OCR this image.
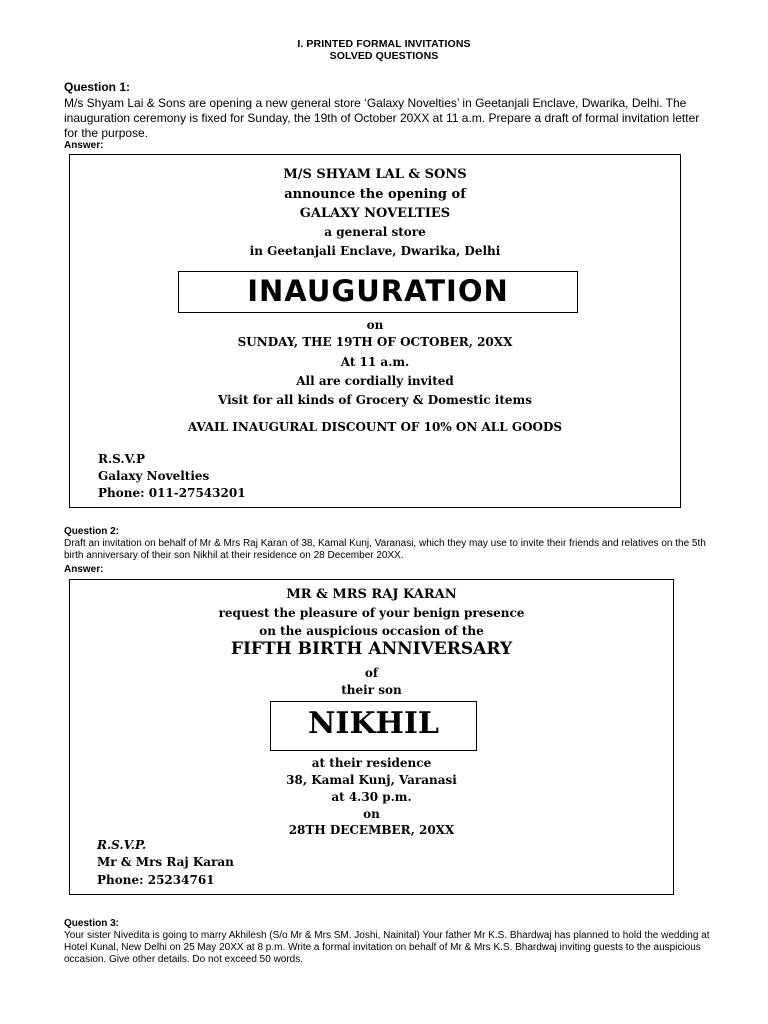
I. PRINTED FORMAL INVITATIONS
SOLVED QUESTIONS
Question 1:
M/s Shyam Lai & Sons are opening a new general store ‘Galaxy Novelties’ in Geetanjali Enclave, Dwarika, Delhi. The inauguration ceremony is fixed for Sunday, the 19th of October 20XX at 11 a.m. Prepare a draft of formal invitation letter for the purpose.
Answer:
M/S SHYAM LAL & SONS
announce the opening of
GALAXY NOVELTIES
a general store
in Geetanjali Enclave, Dwarika, Delhi
INAUGURATION
on
SUNDAY, THE 19TH OF OCTOBER, 20XX
At 11 a.m.
All are cordially invited
Visit for all kinds of Grocery & Domestic items
AVAIL INAUGURAL DISCOUNT OF 10% ON ALL GOODS
R.S.V.P
Galaxy Novelties
Phone: 011-27543201
Question 2:
Draft an invitation on behalf of Mr & Mrs Raj Karan of 38, Kamal Kunj, Varanasi, which they may use to invite their friends and relatives on the 5th birth anniversary of their son Nikhil at their residence on 28 December 20XX.
Answer:
MR & MRS RAJ KARAN
request the pleasure of your benign presence
on the auspicious occasion of the
FIFTH BIRTH ANNIVERSARY
of
their son
NIKHIL
at their residence
38, Kamal Kunj, Varanasi
at 4.30 p.m.
on
28TH DECEMBER, 20XX
R.S.V.P.
Mr & Mrs Raj Karan
Phone: 25234761
Question 3:
Your sister Nivedita is going to marry Akhilesh (S/o Mr & Mrs SM. Joshi, Nainital) Your father Mr K.S. Bhardwaj has planned to hold the wedding at Hotel Kunal, New Delhi on 25 May 20XX at 8 p.m. Write a formal invitation on behalf of Mr & Mrs K.S. Bhardwaj inviting guests to the auspicious occasion. Give other details. Do not exceed 50 words.
